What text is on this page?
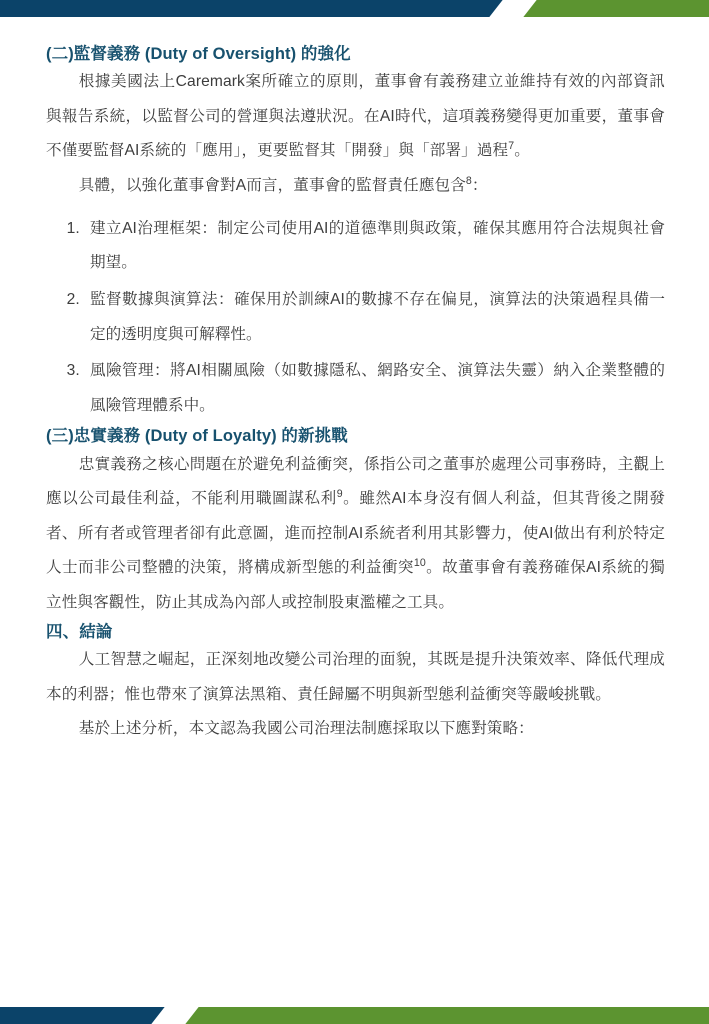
(二)監督義務 (Duty of Oversight) 的強化

根據美國法上Caremark案所確立的原則，董事會有義務建立並維持有效的內部資訊與報告系統，以監督公司的營運與法遵狀況。在AI時代，這項義務變得更加重要，董事會不僅要監督AI系統的「應用」，更要監督其「開發」與「部署」過程$^7$。

具體，以強化董事會對A而言，董事會的監督責任應包含$^8$：

1. 建立AI治理框架：制定公司使用AI的道德準則與政策，確保其應用符合法規與社會期望。
2. 監督數據與演算法：確保用於訓練AI的數據不存在偏見，演算法的決策過程具備一定的透明度與可解釋性。
3. 風險管理：將AI相關風險（如數據隱私、網路安全、演算法失靈）納入企業整體的風險管理體系中。
(三)忠實義務 (Duty of Loyalty) 的新挑戰

忠實義務之核心問題在於避免利益衝突，係指公司之董事於處理公司事務時，主觀上應以公司最佳利益，不能利用職圖謀私利$^9$。雖然AI本身沒有個人利益，但其背後之開發者、所有者或管理者卻有此意圖，進而控制AI系統者利用其影響力，使AI做出有利於特定人士而非公司整體的決策，將構成新型態的利益衝突$^{10}$。故董事會有義務確保AI系統的獨立性與客觀性，防止其成為內部人或控制股東濫權之工具。

四、結論

人工智慧之崛起，正深刻地改變公司治理的面貌，其既是提升決策效率、降低代理成本的利器；惟也帶來了演算法黑箱、責任歸屬不明與新型態利益衝突等嚴峻挑戰。

基於上述分析，本文認為我國公司治理法制應採取以下應對策略：
